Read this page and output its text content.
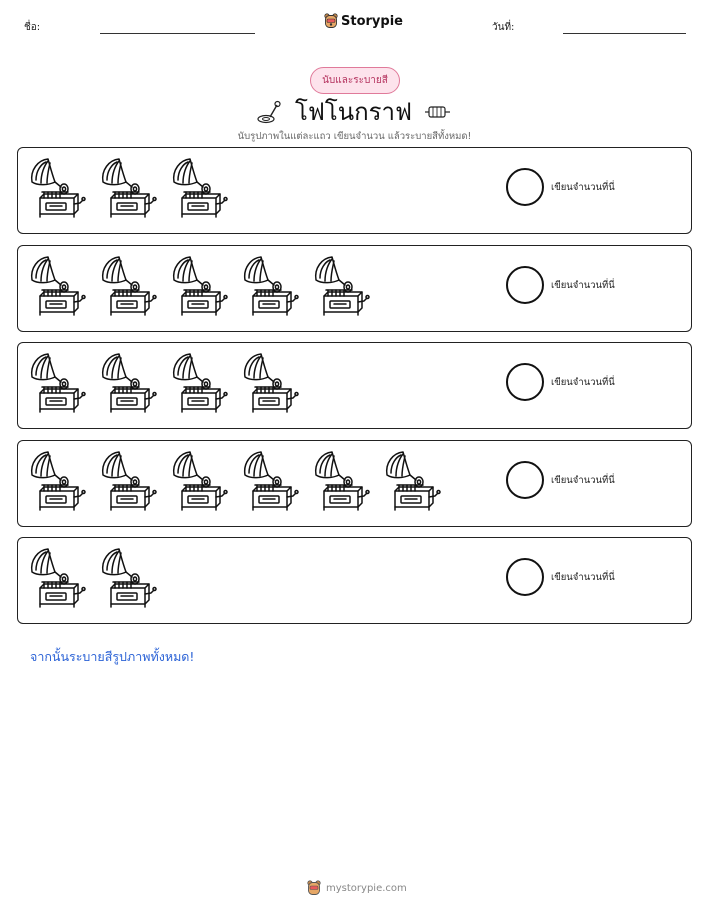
ชื่อ:	Storypie	วันที่:
นับและระบายสี
โฟโนกราฟ
นับรูปภาพในแต่ละแถว เขียนจำนวน แล้วระบายสีทั้งหมด!
เขียนจำนวนที่นี่
เขียนจำนวนที่นี่
เขียนจำนวนที่นี่
เขียนจำนวนที่นี่
เขียนจำนวนที่นี่
จากนั้นระบายสีรูปภาพทั้งหมด!
mystorypie.com
